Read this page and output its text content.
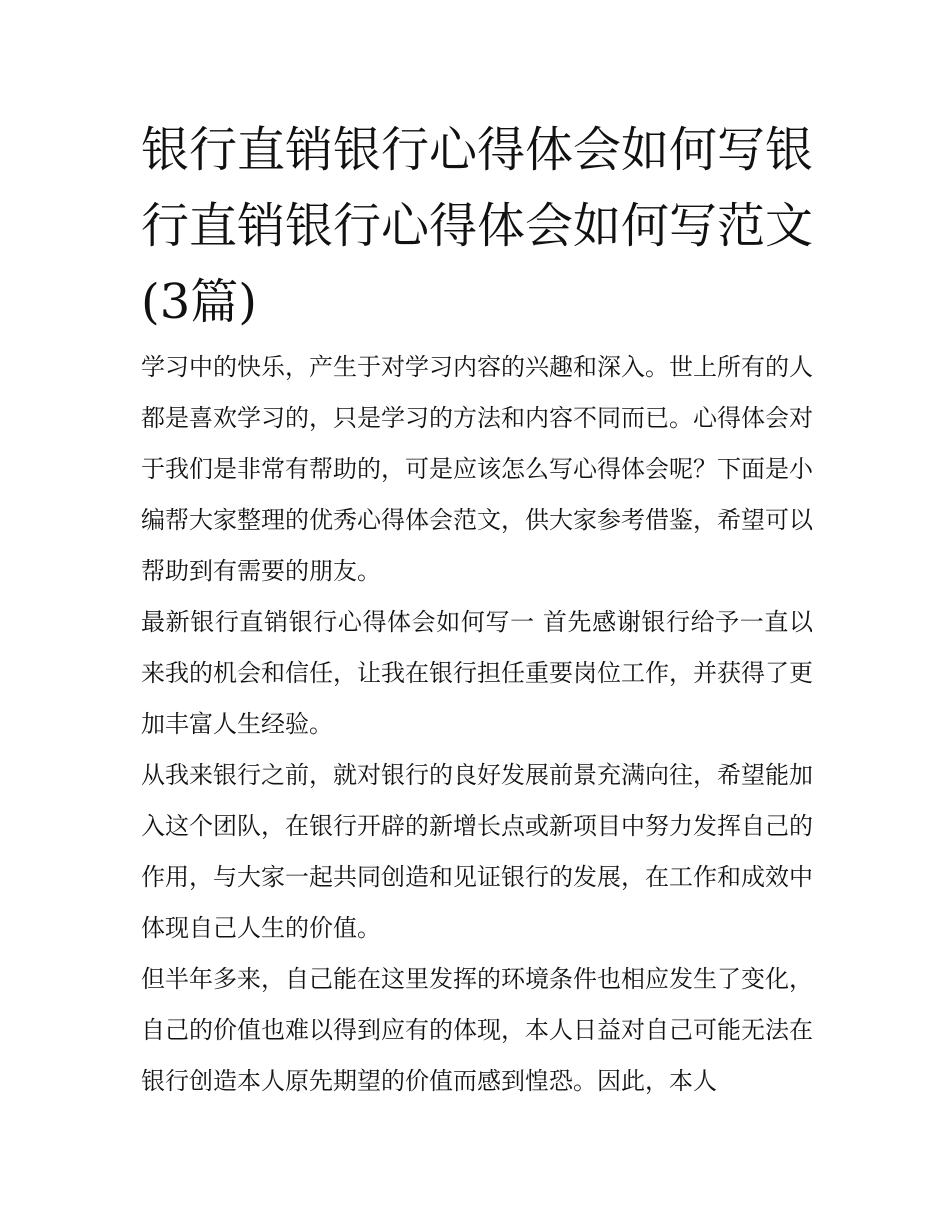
银行直销银行心得体会如何写银行直销银行心得体会如何写范文(3篇)

学习中的快乐，产生于对学习内容的兴趣和深入。世上所有的人都是喜欢学习的，只是学习的方法和内容不同而已。心得体会对于我们是非常有帮助的，可是应该怎么写心得体会呢？下面是小编帮大家整理的优秀心得体会范文，供大家参考借鉴，希望可以帮助到有需要的朋友。

最新银行直销银行心得体会如何写一 首先感谢银行给予一直以来我的机会和信任，让我在银行担任重要岗位工作，并获得了更加丰富人生经验。

从我来银行之前，就对银行的良好发展前景充满向往，希望能加入这个团队，在银行开辟的新增长点或新项目中努力发挥自己的作用，与大家一起共同创造和见证银行的发展，在工作和成效中体现自己人生的价值。

但半年多来，自己能在这里发挥的环境条件也相应发生了变化，自己的价值也难以得到应有的体现，本人日益对自己可能无法在银行创造本人原先期望的价值而感到惶恐。因此，本人
